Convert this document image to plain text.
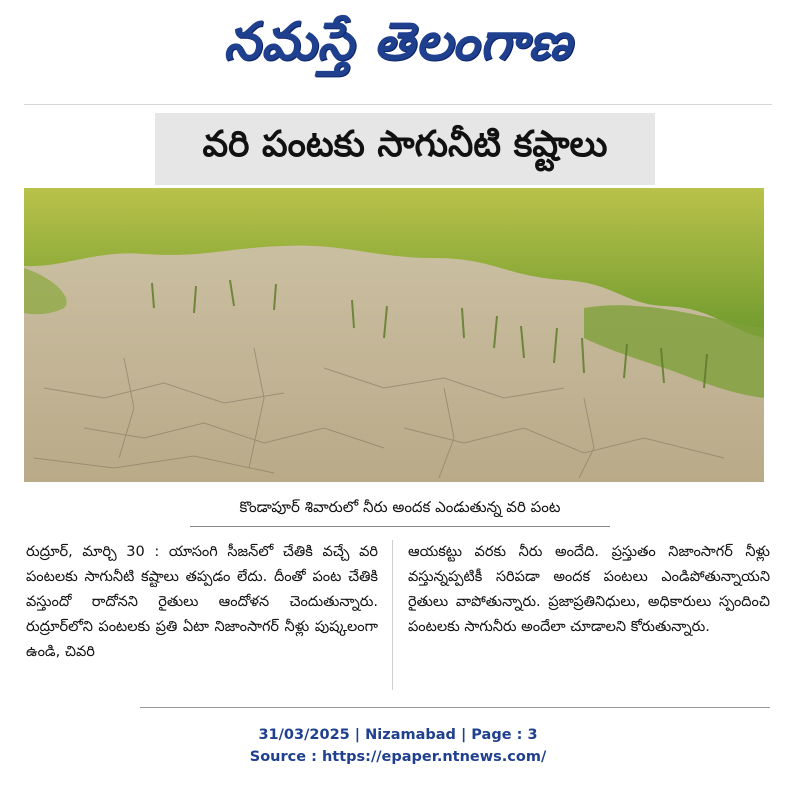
నమస్తే తెలంగాణ
వరి పంటకు సాగునీటి కష్టాలు
కొండాపూర్ శివారులో నీరు అందక ఎండుతున్న వరి పంట
రుద్రూర్, మార్చి 30 : యాసంగి సీజన్‌లో చేతికి వచ్చే వరి పంటలకు సాగునీటి కష్టాలు తప్పడం లేదు. దీంతో పంట చేతికి వస్తుందో రాదోనని రైతులు ఆందోళన చెందుతున్నారు. రుద్రూర్‌లోని పంటలకు ప్రతి ఏటా నిజాంసాగర్ నీళ్లు పుష్కలంగా ఉండి, చివరి
ఆయకట్టు వరకు నీరు అందేది. ప్రస్తుతం నిజాంసాగర్ నీళ్లు వస్తున్నప్పటికీ సరిపడా అందక పంటలు ఎండిపోతున్నాయని రైతులు వాపోతున్నారు. ప్రజాప్రతినిధులు, అధికారులు స్పందించి పంటలకు సాగునీరు అందేలా చూడాలని కోరుతున్నారు.
31/03/2025 | Nizamabad | Page : 3
Source : https://epaper.ntnews.com/
